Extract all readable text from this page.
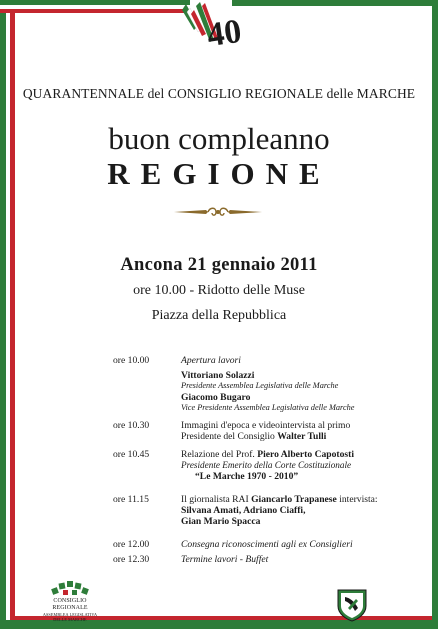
40
QUARANTENNALE del CONSIGLIO REGIONALE delle MARCHE
buon compleanno
REGIONE
Ancona 21 gennaio 2011
ore 10.00 - Ridotto delle Muse
Piazza della Repubblica
ore 10.00	Apertura lavori
Vittoriano Solazzi
Presidente Assemblea Legislativa delle Marche
Giacomo Bugaro
Vice Presidente Assemblea Legislativa delle Marche
ore 10.30	Immagini d'epoca e videointervista al primo
Presidente del Consiglio Walter Tulli
ore 10.45	Relazione del Prof. Piero Alberto Capotosti
Presidente Emerito della Corte Costituzionale
“Le Marche 1970 - 2010”
ore 11.15	Il giornalista RAI Giancarlo Trapanese intervista:
Silvana Amati, Adriano Ciaffi,
Gian Mario Spacca
ore 12.00	Consegna riconoscimenti agli ex Consiglieri
ore 12.30	Termine lavori - Buffet
CONSIGLIO REGIONALE
ASSEMBLEA LEGISLATIVA
DELLE MARCHE
